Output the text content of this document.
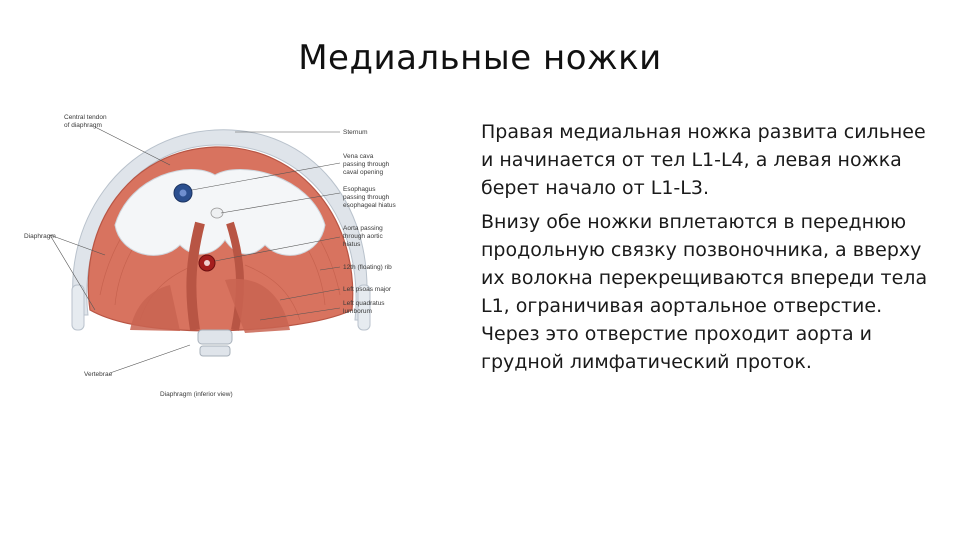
Медиальные ножки
Central tendon
of diaphragm
Diaphragm
Sternum
Vena cava
passing through
caval opening
Esophagus
passing through
esophageal hiatus
Aorta passing
through aortic
hiatus
12th (floating) rib
Left psoas major
Left quadratus
lumborum
Vertebrae
Diaphragm (inferior view)

Правая медиальная ножка развита сильнее и начинается от тел L1-L4, а левая ножка берет начало от L1-L3.

Внизу обе ножки вплетаются в переднюю продольную связку позвоночника, а вверху их волокна перекрещиваются впереди тела L1, ограничивая аортальное отверстие. Через это отверстие проходит аорта и грудной лимфатический проток.
